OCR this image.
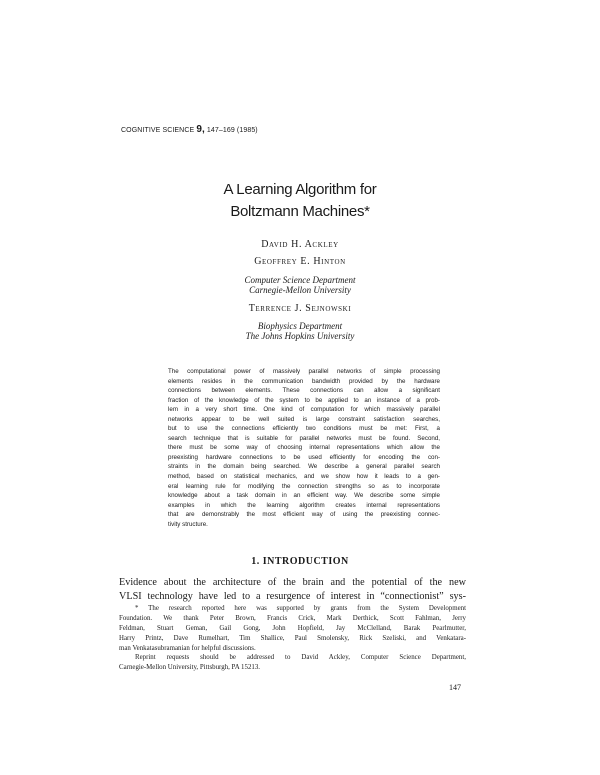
COGNITIVE SCIENCE 9, 147–169 (1985)
A Learning Algorithm for
Boltzmann Machines*
David H. Ackley
Geoffrey E. Hinton
Computer Science Department
Carnegie-Mellon University
Terrence J. Sejnowski
Biophysics Department
The Johns Hopkins University
The computational power of massively parallel networks of simple processing
elements resides in the communication bandwidth provided by the hardware
connections between elements. These connections can allow a significant
fraction of the knowledge of the system to be applied to an instance of a prob-
lem in a very short time. One kind of computation for which massively parallel
networks appear to be well suited is large constraint satisfaction searches,
but to use the connections efficiently two conditions must be met: First, a
search technique that is suitable for parallel networks must be found. Second,
there must be some way of choosing internal representations which allow the
preexisting hardware connections to be used efficiently for encoding the con-
straints in the domain being searched. We describe a general parallel search
method, based on statistical mechanics, and we show how it leads to a gen-
eral learning rule for modifying the connection strengths so as to incorporate
knowledge about a task domain in an efficient way. We describe some simple
examples in which the learning algorithm creates internal representations
that are demonstrably the most efficient way of using the preexisting connec-
tivity structure.
1. INTRODUCTION
Evidence about the architecture of the brain and the potential of the new
VLSI technology have led to a resurgence of interest in “connectionist” sys-
* The research reported here was supported by grants from the System Development
Foundation. We thank Peter Brown, Francis Crick, Mark Derthick, Scott Fahlman, Jerry
Feldman, Stuart Geman, Gail Gong, John Hopfield, Jay McClelland, Barak Pearlmutter,
Harry Printz, Dave Rumelhart, Tim Shallice, Paul Smolensky, Rick Szeliski, and Venkatara-
man Venkatasubramanian for helpful discussions.
Reprint requests should be addressed to David Ackley, Computer Science Department,
Carnegie-Mellon University, Pittsburgh, PA 15213.
147
